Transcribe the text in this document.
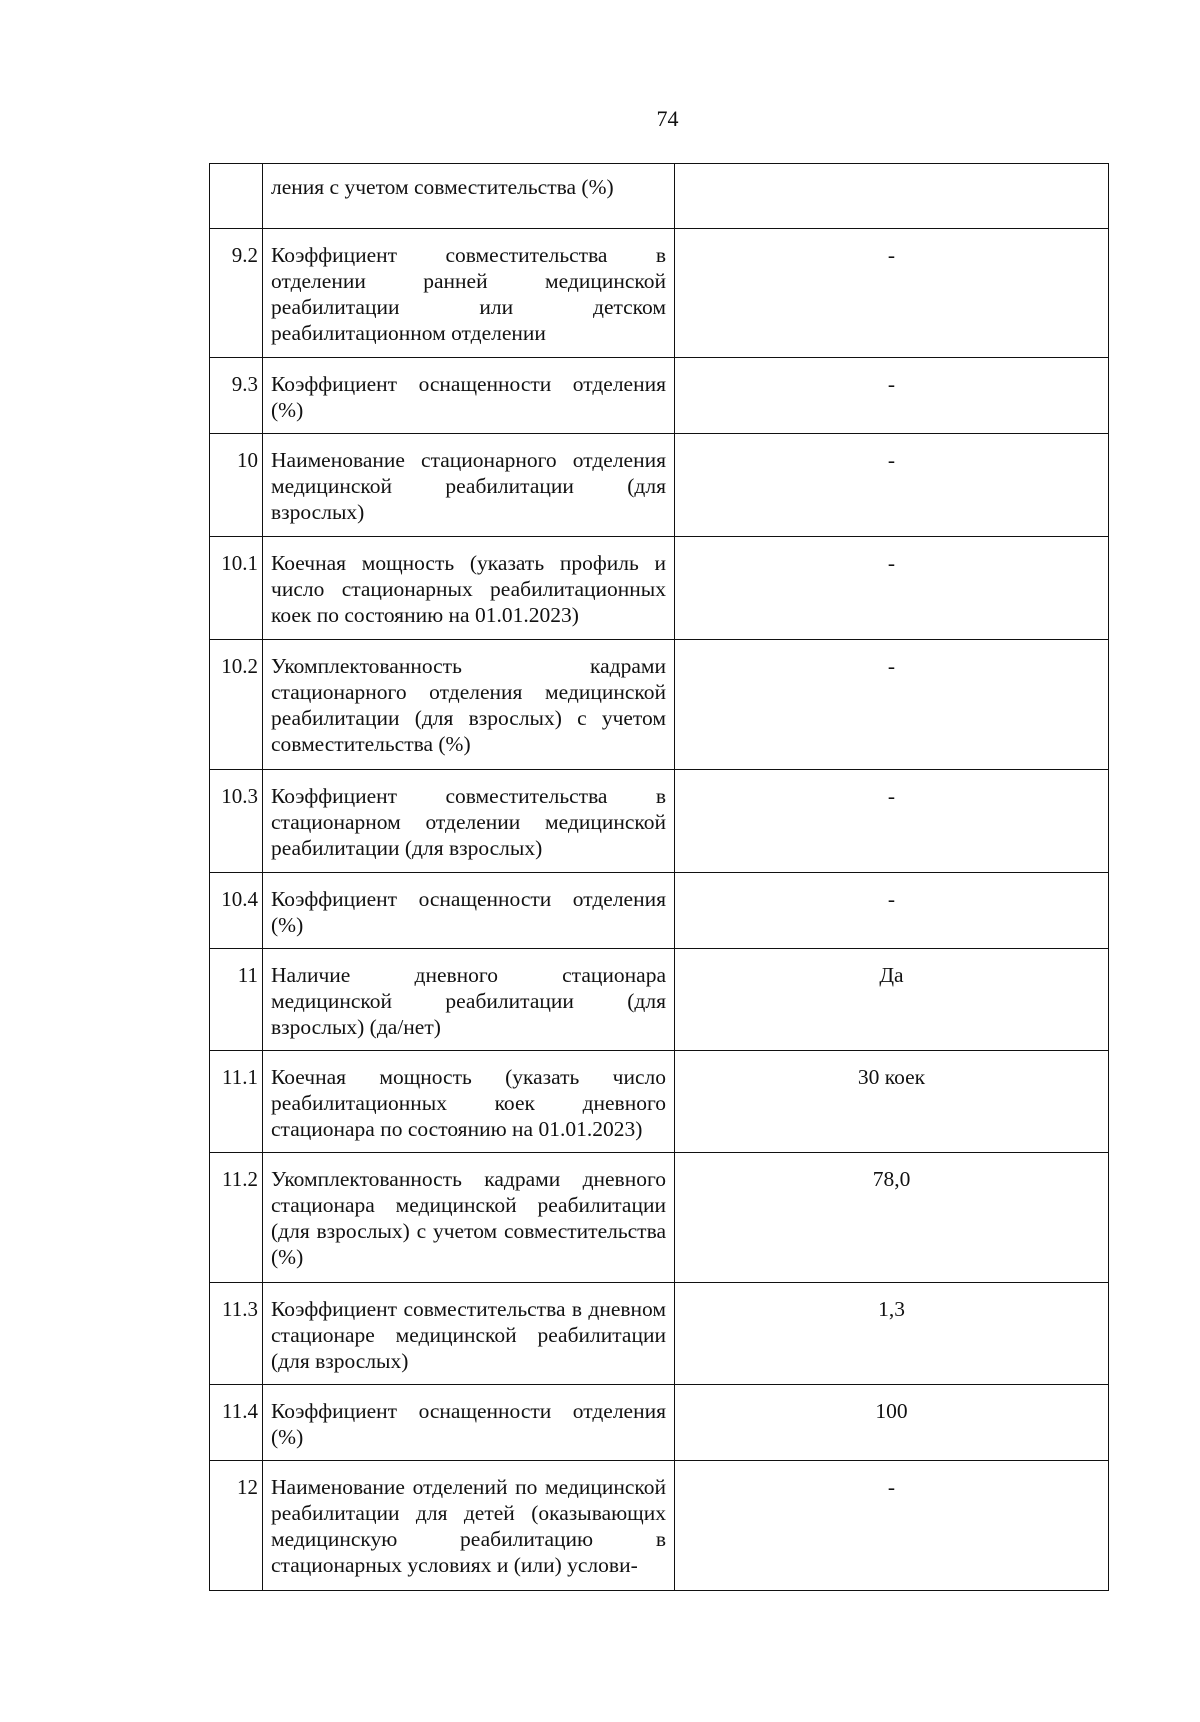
74
	ления с учетом совместительства (%)	
9.2	Коэффициент совместительства в отделении ранней медицинской реабилитации или детском реабилитационном отделении	-
9.3	Коэффициент оснащенности отделения (%)	-
10	Наименование стационарного отделения медицинской реабилитации (для взрослых)	-
10.1	Коечная мощность (указать профиль и число стационарных реабилитационных коек по состоянию на 01.01.2023)	-
10.2	Укомплектованность кадрами стационарного отделения медицинской реабилитации (для взрослых) с учетом совместительства (%)	-
10.3	Коэффициент совместительства в стационарном отделении медицинской реабилитации (для взрослых)	-
10.4	Коэффициент оснащенности отделения (%)	-
11	Наличие дневного стационара медицинской реабилитации (для взрослых) (да/нет)	Да
11.1	Коечная мощность (указать число реабилитационных коек дневного стационара по состоянию на 01.01.2023)	30 коек
11.2	Укомплектованность кадрами дневного стационара медицинской реабилитации (для взрослых) с учетом совместительства (%)	78,0
11.3	Коэффициент совместительства в дневном стационаре медицинской реабилитации (для взрослых)	1,3
11.4	Коэффициент оснащенности отделения (%)	100
12	Наименование отделений по медицинской реабилитации для детей (оказывающих медицинскую реабилитацию в стационарных условиях и (или) услови-	-
